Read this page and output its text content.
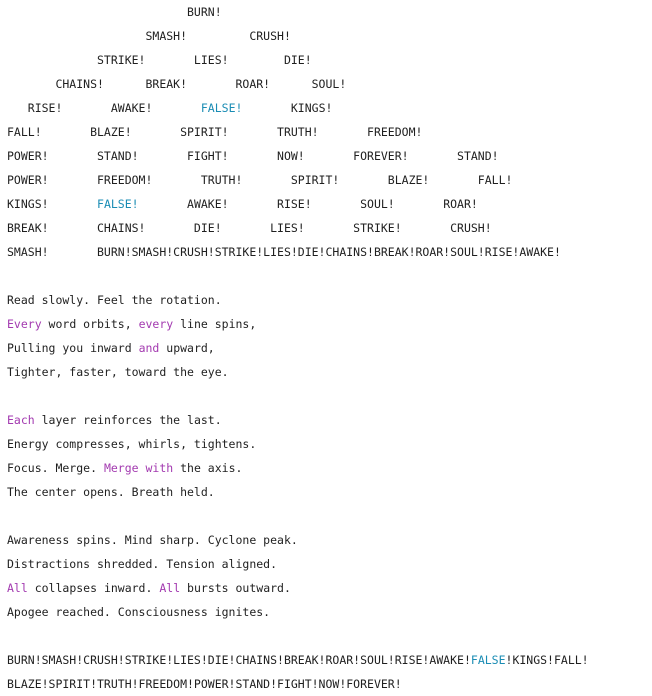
BURN!
SMASH!         CRUSH!
STRIKE!       LIES!        DIE!
CHAINS!      BREAK!       ROAR!      SOUL!
RISE!       AWAKE!       FALSE!       KINGS!
FALL!       BLAZE!       SPIRIT!       TRUTH!       FREEDOM!
POWER!       STAND!       FIGHT!       NOW!       FOREVER!       STAND!
POWER!       FREEDOM!       TRUTH!       SPIRIT!       BLAZE!       FALL!
KINGS!       FALSE!       AWAKE!       RISE!       SOUL!       ROAR!
BREAK!       CHAINS!       DIE!       LIES!       STRIKE!       CRUSH!
SMASH!       BURN!SMASH!CRUSH!STRIKE!LIES!DIE!CHAINS!BREAK!ROAR!SOUL!RISE!AWAKE!
Read slowly. Feel the rotation.
Every word orbits, every line spins,
Pulling you inward and upward,
Tighter, faster, toward the eye.
Each layer reinforces the last.
Energy compresses, whirls, tightens.
Focus. Merge. Merge with the axis.
The center opens. Breath held.
Awareness spins. Mind sharp. Cyclone peak.
Distractions shredded. Tension aligned.
All collapses inward. All bursts outward.
Apogee reached. Consciousness ignites.
BURN!SMASH!CRUSH!STRIKE!LIES!DIE!CHAINS!BREAK!ROAR!SOUL!RISE!AWAKE!FALSE!KINGS!FALL!
BLAZE!SPIRIT!TRUTH!FREEDOM!POWER!STAND!FIGHT!NOW!FOREVER!
